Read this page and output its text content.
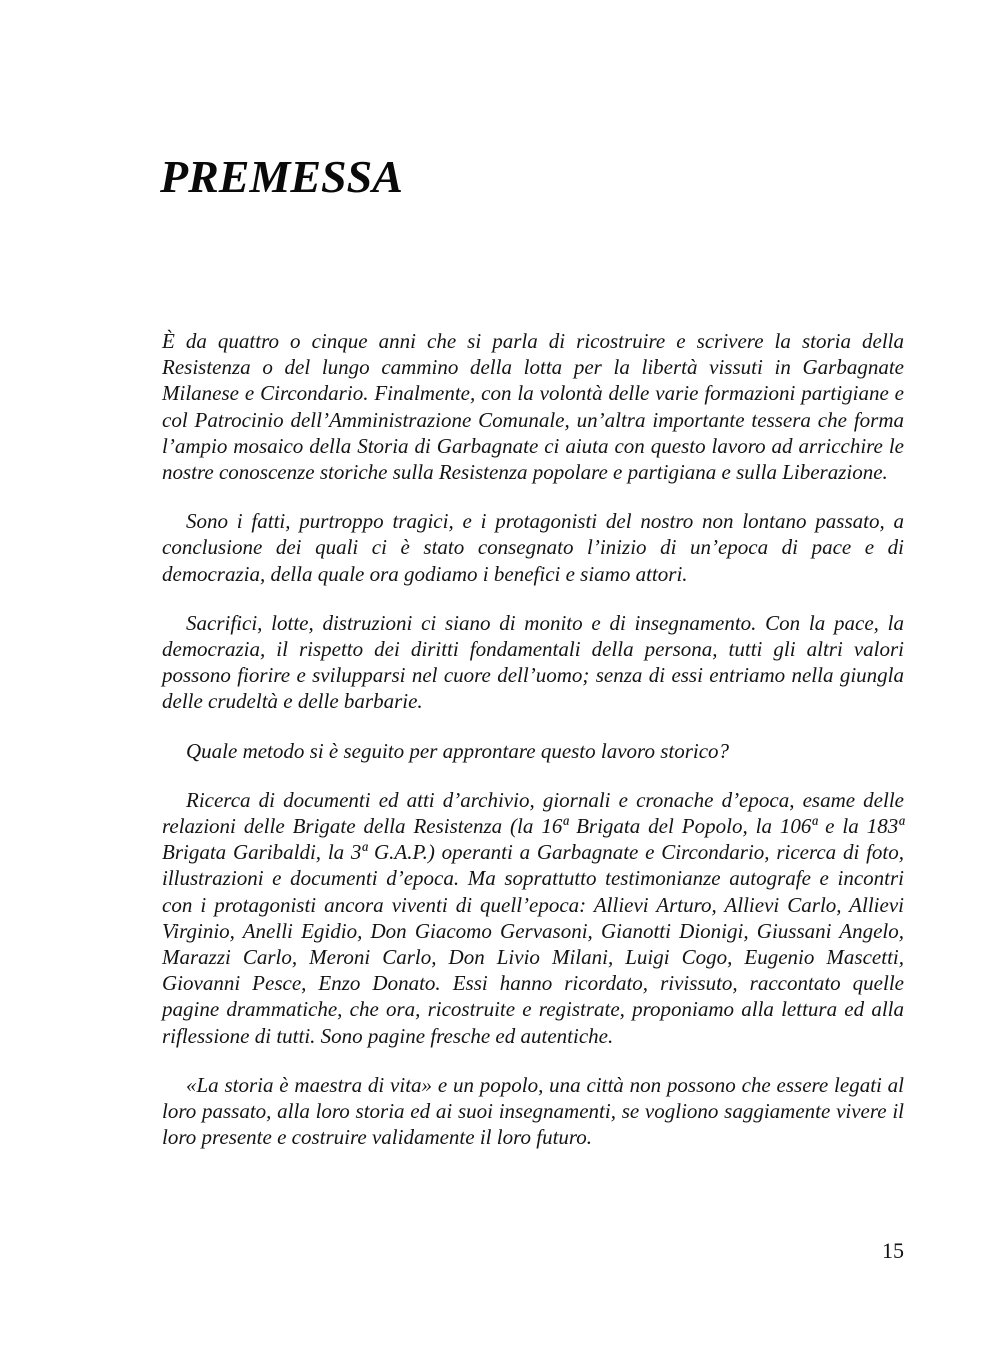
PREMESSA

È da quattro o cinque anni che si parla di ricostruire e scrivere la storia della Resistenza o del lungo cammino della lotta per la libertà vissuti in Garbagnate Milanese e Circondario. Finalmente, con la volontà delle varie formazioni partigiane e col Patrocinio dell’Amministrazione Comunale, un’altra importante tessera che forma l’ampio mosaico della Storia di Garbagnate ci aiuta con questo lavoro ad arricchire le nostre conoscenze storiche sulla Resistenza popolare e partigiana e sulla Liberazione.

Sono i fatti, purtroppo tragici, e i protagonisti del nostro non lontano passato, a conclusione dei quali ci è stato consegnato l’inizio di un’epoca di pace e di democrazia, della quale ora godiamo i benefici e siamo attori.

Sacrifici, lotte, distruzioni ci siano di monito e di insegnamento. Con la pace, la democrazia, il rispetto dei diritti fondamentali della persona, tutti gli altri valori possono fiorire e svilupparsi nel cuore dell’uomo; senza di essi entriamo nella giungla delle crudeltà e delle barbarie.

Quale metodo si è seguito per approntare questo lavoro storico?

Ricerca di documenti ed atti d’archivio, giornali e cronache d’epoca, esame delle relazioni delle Brigate della Resistenza (la 16ª Brigata del Popolo, la 106ª e la 183ª Brigata Garibaldi, la 3ª G.A.P.) operanti a Garbagnate e Circondario, ricerca di foto, illustrazioni e documenti d’epoca. Ma soprattutto testimonianze autografe e incontri con i protagonisti ancora viventi di quell’epoca: Allievi Arturo, Allievi Carlo, Allievi Virginio, Anelli Egidio, Don Giacomo Gervasoni, Gianotti Dionigi, Giussani Angelo, Marazzi Carlo, Meroni Carlo, Don Livio Milani, Luigi Cogo, Eugenio Mascetti, Giovanni Pesce, Enzo Donato. Essi hanno ricordato, rivissuto, raccontato quelle pagine drammatiche, che ora, ricostruite e registrate, proponiamo alla lettura ed alla riflessione di tutti. Sono pagine fresche ed autentiche.

«La storia è maestra di vita» e un popolo, una città non possono che essere legati al loro passato, alla loro storia ed ai suoi insegnamenti, se vogliono saggiamente vivere il loro presente e costruire validamente il loro futuro.

15
